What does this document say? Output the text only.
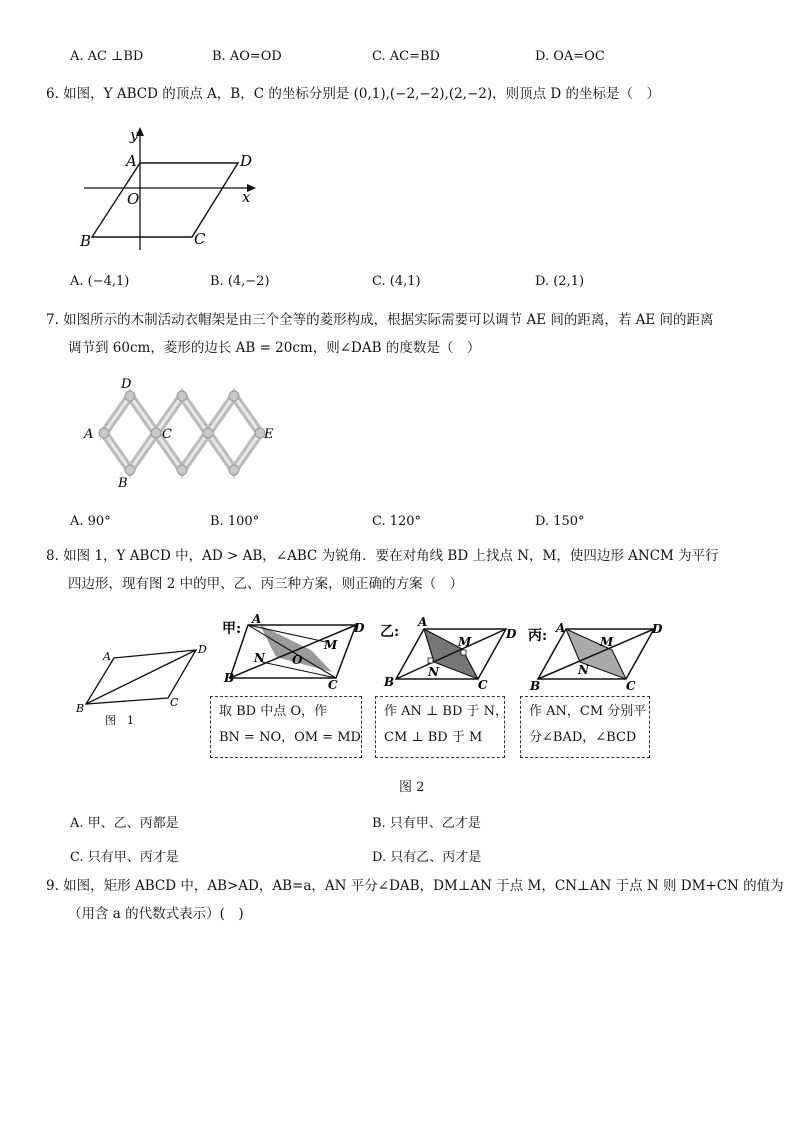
A. AC ⊥BD	B. AO=OD	C. AC=BD	D. OA=OC
6. 如图，Y ABCD 的顶点 A，B，C 的坐标分别是 (0,1),(−2,−2),(2,−2)，则顶点 D 的坐标是（　）
y
x
A	D
O
B	C
A. (−4,1)	B. (4,−2)	C. (4,1)	D. (2,1)
7. 如图所示的木制活动衣帽架是由三个全等的菱形构成，根据实际需要可以调节 AE 间的距离，若 AE 间的距离
调节到 60cm，菱形的边长 AB = 20cm，则∠DAB 的度数是（　）
D
A	C	E
B
A. 90°	B. 100°	C. 120°	D. 150°
8. 如图 1，Y ABCD 中，AD > AB，∠ABC 为锐角．要在对角线 BD 上找点 N，M，使四边形 ANCM 为平行
四边形，现有图 2 中的甲、乙、丙三种方案，则正确的方案（　）
A
D
B	C
图　1
甲:
A
D
N
M
O
B	C
乙:
A
D
M
N
B	C
丙: A	D
M
N
B	C
取 BD 中点 O，作
BN = NO，OM = MD
作 AN ⊥ BD 于 N，
CM ⊥ BD 于 M
作 AN，CM 分别平
分∠BAD，∠BCD
图 2
A. 甲、乙、丙都是	B. 只有甲、乙才是
C. 只有甲、丙才是	D. 只有乙、丙才是
9. 如图，矩形 ABCD 中，AB>AD，AB=a，AN 平分∠DAB，DM⊥AN 于点 M，CN⊥AN 于点 N 则 DM+CN 的值为
（用含 a 的代数式表示）(　)
